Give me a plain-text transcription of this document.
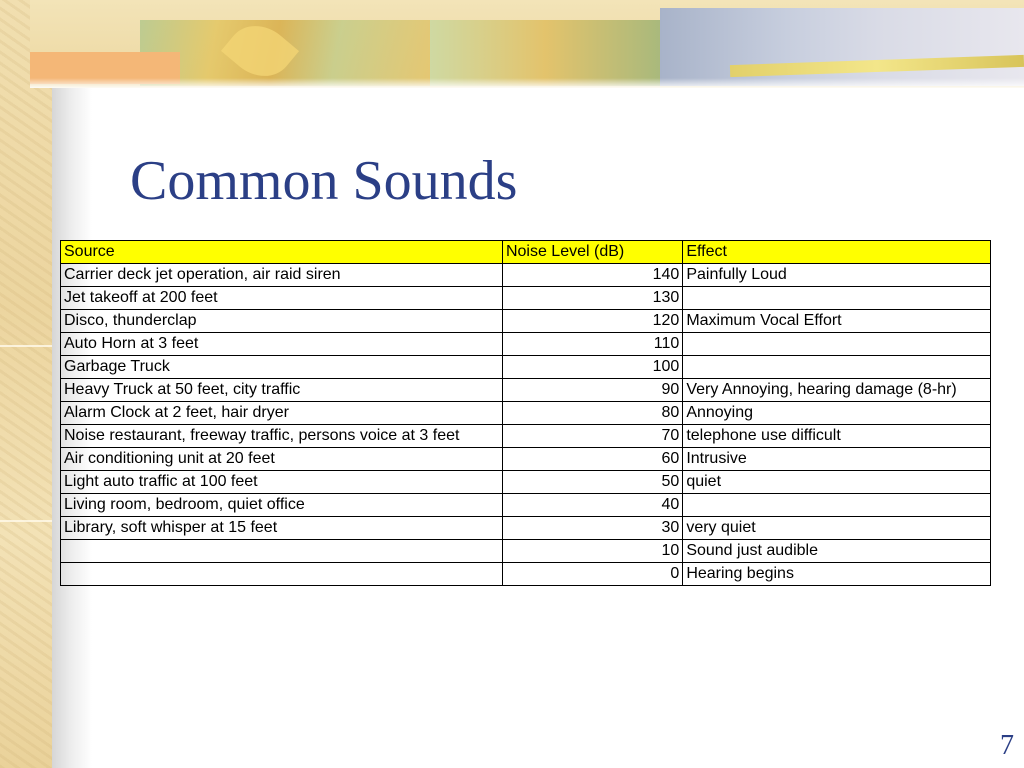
Common Sounds
Source	Noise Level (dB)	Effect
Carrier deck jet operation, air raid siren	140	Painfully Loud
Jet takeoff at 200 feet	130	
Disco, thunderclap	120	Maximum Vocal Effort
Auto Horn at 3 feet	110	
Garbage Truck	100	
Heavy Truck at 50 feet, city traffic	90	Very Annoying, hearing damage (8-hr)
Alarm Clock at 2 feet, hair dryer	80	Annoying
Noise restaurant, freeway traffic, persons voice at 3 feet	70	telephone use difficult
Air conditioning unit at 20 feet	60	Intrusive
Light auto traffic at 100 feet	50	quiet
Living room, bedroom, quiet office	40	
Library, soft whisper at 15 feet	30	very quiet
	10	Sound just audible
	0	Hearing begins
7
